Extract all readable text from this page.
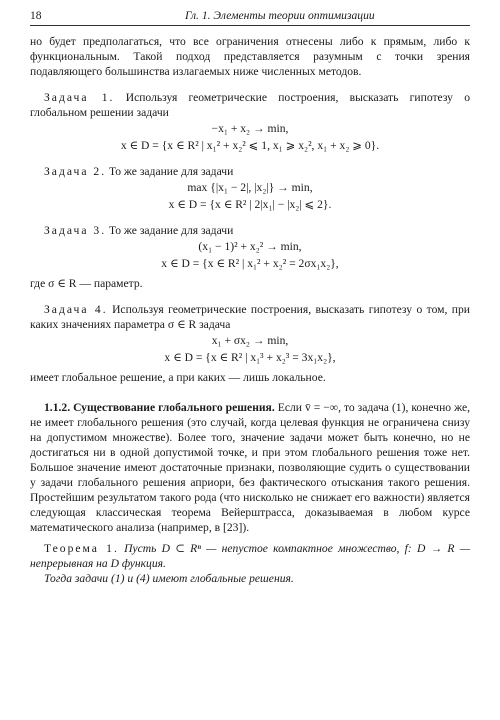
18	Гл. 1. Элементы теории оптимизации

но будет предполагаться, что все ограничения отнесены либо к прямым, либо к функциональным. Такой подход представляется разумным с точки зрения подавляющего большинства излагаемых ниже численных методов.

Задача 1. Используя геометрические построения, высказать гипотезу о глобальном решении задачи

−x₁ + x₂ → min,
x ∈ D = {x ∈ R² | x₁² + x₂² ⩽ 1, x₁ ⩾ x₂², x₁ + x₂ ⩾ 0}.

Задача 2. То же задание для задачи

max {|x₁ − 2|, |x₂|} → min,
x ∈ D = {x ∈ R² | 2|x₁| − |x₂| ⩽ 2}.

Задача 3. То же задание для задачи

(x₁ − 1)² + x₂² → min,
x ∈ D = {x ∈ R² | x₁² + x₂² = 2σx₁x₂},

где σ ∈ R — параметр.

Задача 4. Используя геометрические построения, высказать гипотезу о том, при каких значениях параметра σ ∈ R задача

x₁ + σx₂ → min,
x ∈ D = {x ∈ R² | x₁³ + x₂³ = 3x₁x₂},

имеет глобальное решение, а при каких — лишь локальное.

1.1.2. Существование глобального решения. Если v̄ = −∞, то задача (1), конечно же, не имеет глобального решения (это случай, когда целевая функция не ограничена снизу на допустимом множестве). Более того, значение задачи может быть конечно, но не достигаться ни в одной допустимой точке, и при этом глобального решения тоже нет. Большое значение имеют достаточные признаки, позволяющие судить о существовании у задачи глобального решения априори, без фактического отыскания такого решения. Простейшим результатом такого рода (что нисколько не снижает его важности) является следующая классическая теорема Вейерштрасса, доказываемая в любом курсе математического анализа (например, в [23]).

Теорема 1. Пусть D ⊂ Rⁿ — непустое компактное множество, f: D → R — непрерывная на D функция.

Тогда задачи (1) и (4) имеют глобальные решения.
